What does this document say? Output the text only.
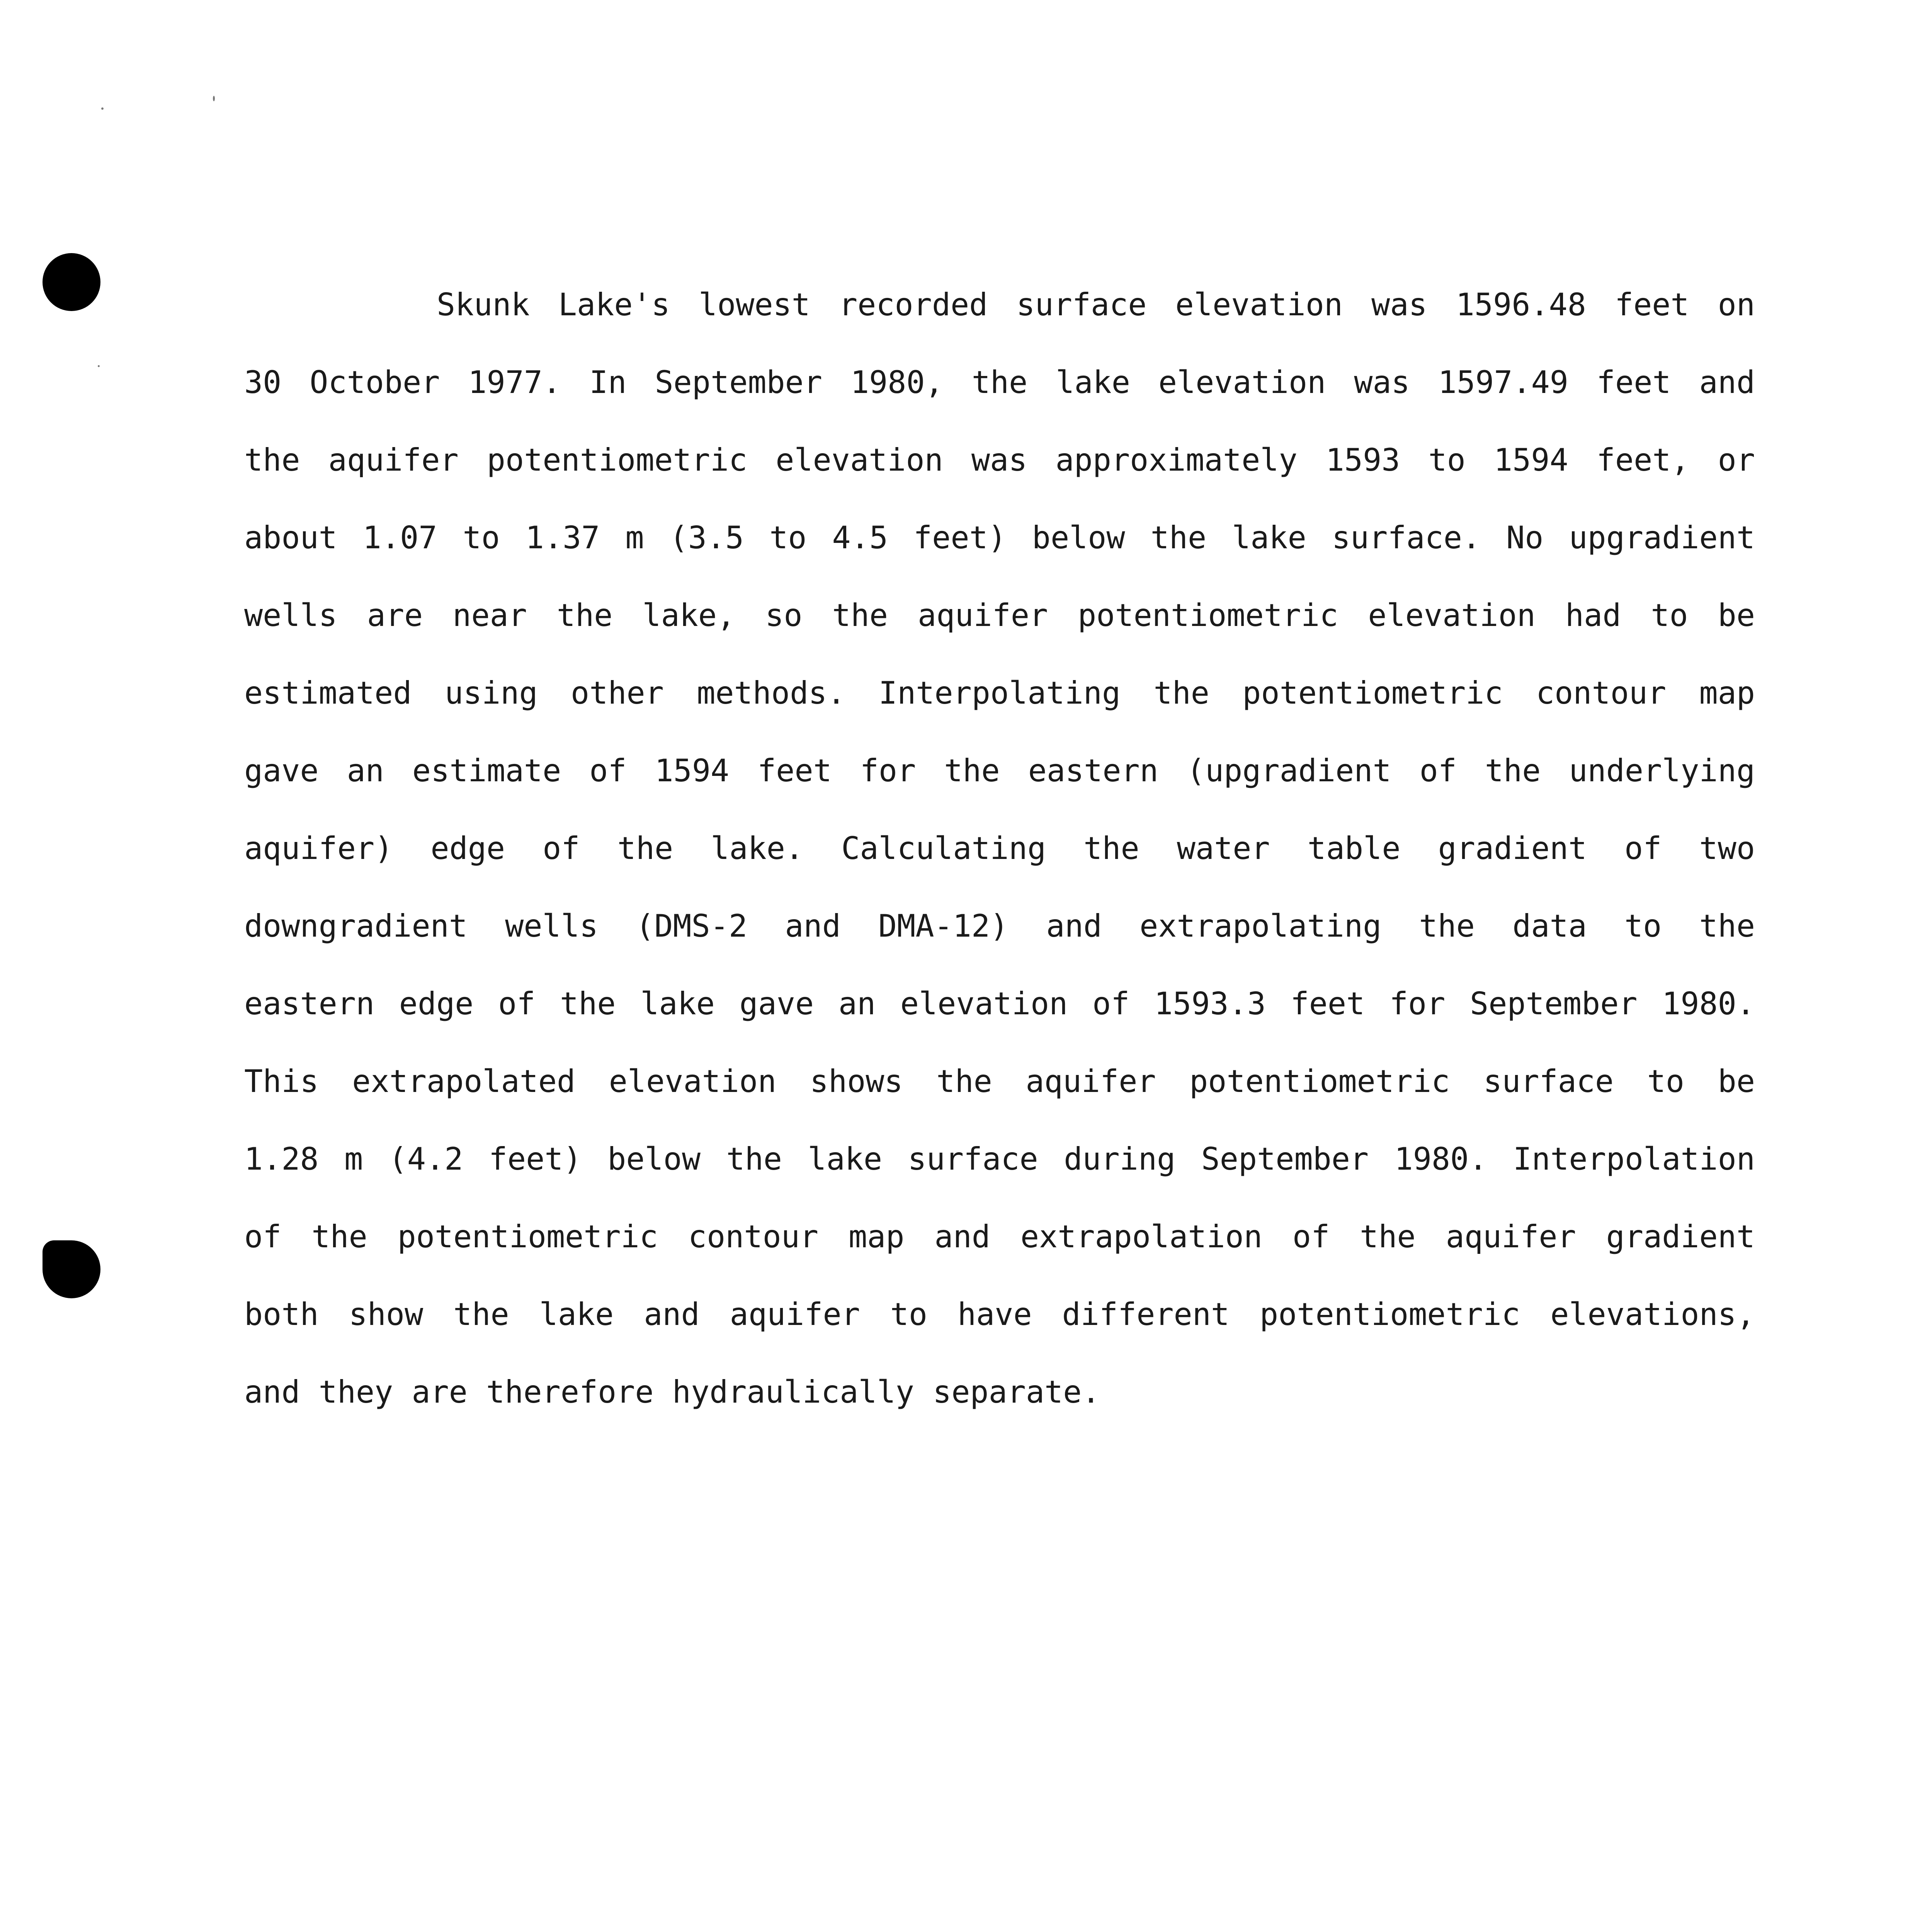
Skunk Lake's lowest recorded surface elevation was 1596.48 feet on
30 October 1977. In September 1980, the lake elevation was 1597.49 feet and
the aquifer potentiometric elevation was approximately 1593 to 1594 feet, or
about 1.07 to 1.37 m (3.5 to 4.5 feet) below the lake surface. No upgradient
wells are near the lake, so the aquifer potentiometric elevation had to be
estimated using other methods. Interpolating the potentiometric contour map
gave an estimate of 1594 feet for the eastern (upgradient of the underlying
aquifer) edge of the lake. Calculating the water table gradient of two
downgradient wells (DMS-2 and DMA-12) and extrapolating the data to the
eastern edge of the lake gave an elevation of 1593.3 feet for September 1980.
This extrapolated elevation shows the aquifer potentiometric surface to be
1.28 m (4.2 feet) below the lake surface during September 1980. Interpolation
of the potentiometric contour map and extrapolation of the aquifer gradient
both show the lake and aquifer to have different potentiometric elevations,
and they are therefore hydraulically separate.
